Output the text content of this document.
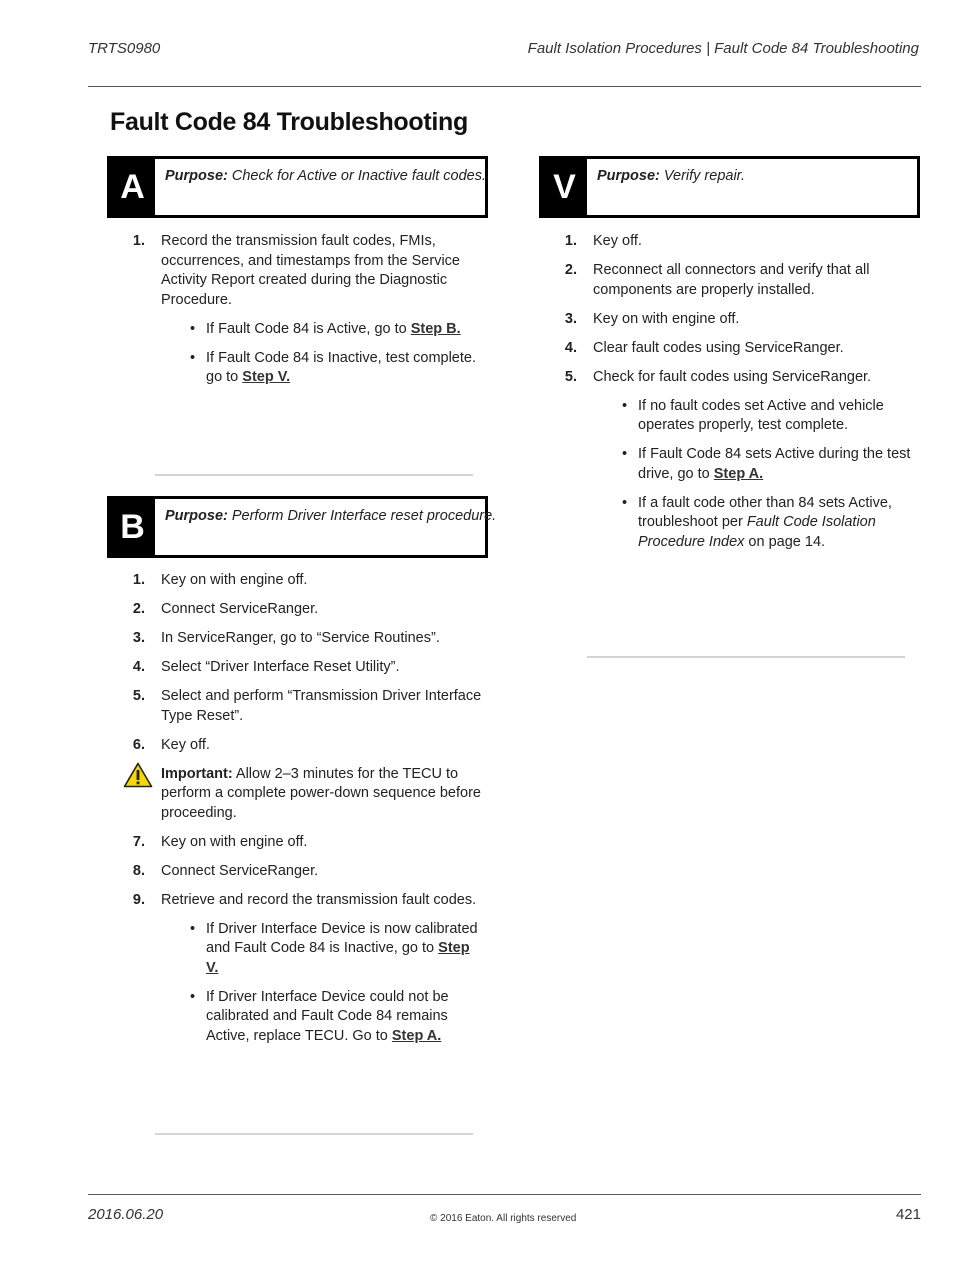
TRTS0980	Fault Isolation Procedures | Fault Code 84 Troubleshooting
Fault Code 84 Troubleshooting
A	Purpose: Check for Active or Inactive fault codes.
1. Record the transmission fault codes, FMIs, occurrences, and timestamps from the Service Activity Report created during the Diagnostic Procedure.
• If Fault Code 84 is Active, go to Step B.
• If Fault Code 84 is Inactive, test complete. go to Step V.
B	Purpose: Perform Driver Interface reset procedure.
1. Key on with engine off.
2. Connect ServiceRanger.
3. In ServiceRanger, go to “Service Routines”.
4. Select “Driver Interface Reset Utility”.
5. Select and perform “Transmission Driver Interface Type Reset”.
6. Key off.
Important: Allow 2–3 minutes for the TECU to perform a complete power-down sequence before proceeding.
7. Key on with engine off.
8. Connect ServiceRanger.
9. Retrieve and record the transmission fault codes.
• If Driver Interface Device is now calibrated and Fault Code 84 is Inactive, go to Step V.
• If Driver Interface Device could not be calibrated and Fault Code 84 remains Active, replace TECU. Go to Step A.
V	Purpose: Verify repair.
1. Key off.
2. Reconnect all connectors and verify that all components are properly installed.
3. Key on with engine off.
4. Clear fault codes using ServiceRanger.
5. Check for fault codes using ServiceRanger.
• If no fault codes set Active and vehicle operates properly, test complete.
• If Fault Code 84 sets Active during the test drive, go to Step A.
• If a fault code other than 84 sets Active, troubleshoot per Fault Code Isolation Procedure Index on page 14.
2016.06.20	© 2016 Eaton. All rights reserved	421
